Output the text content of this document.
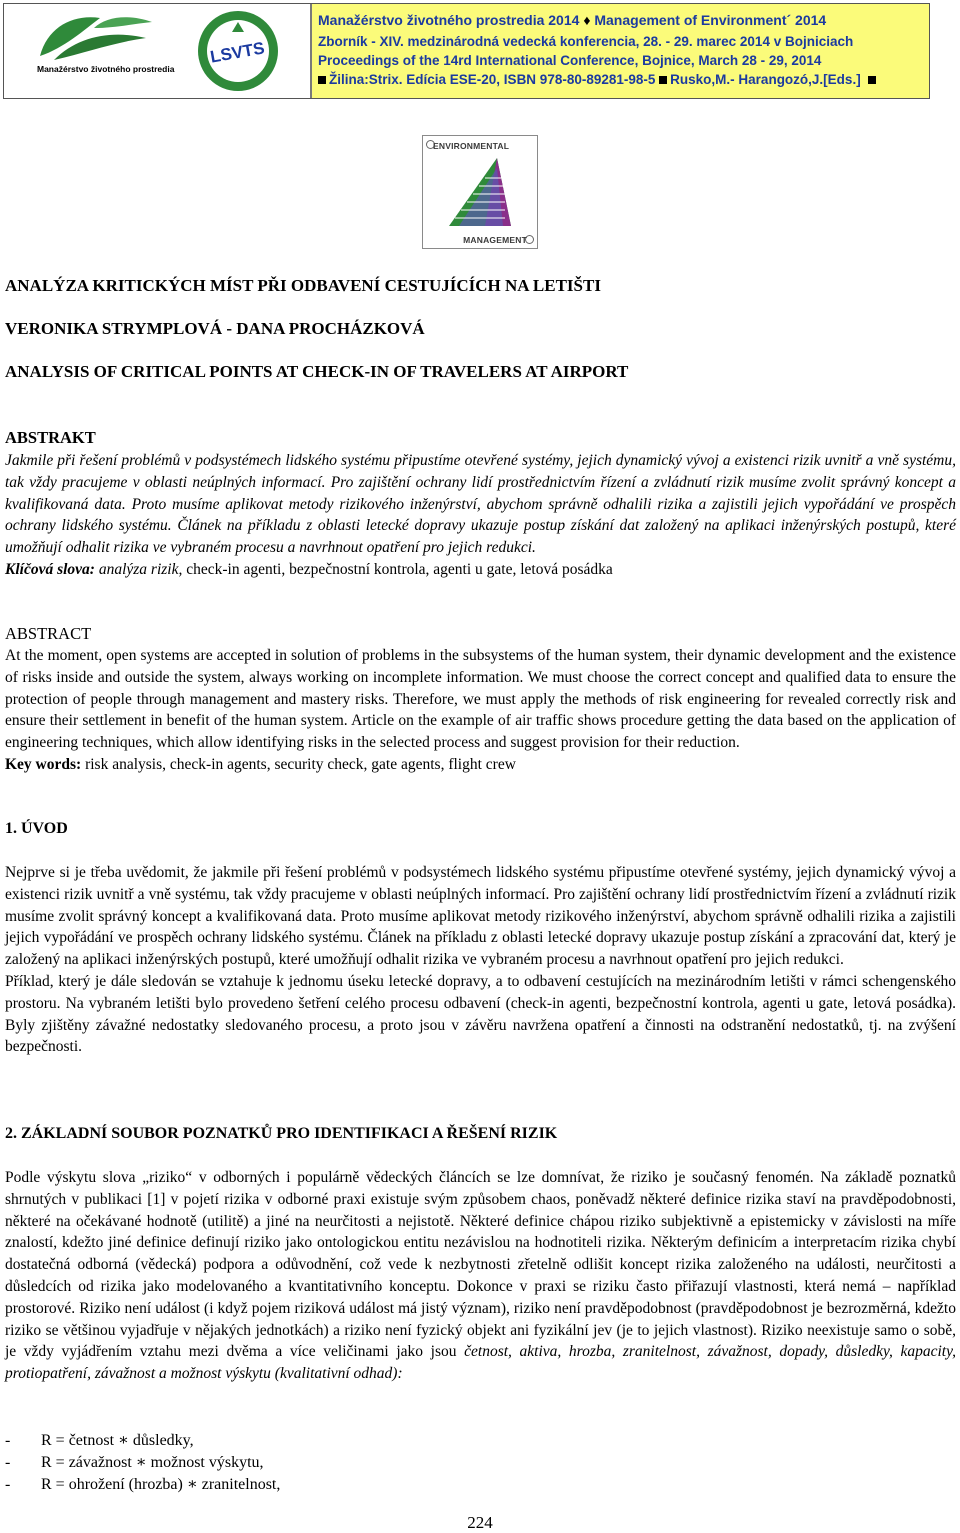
Manažérstvo životného prostredia
LSVTS
Manažérstvo životného prostredia 2014 ♦ Management of Environment´ 2014
Zborník - XIV. medzinárodná vedecká konferencia, 28. - 29. marec 2014 v Bojniciach
Proceedings of the 14rd International Conference, Bojnice, March 28 - 29, 2014
Žilina:Strix. Edícia ESE-20, ISBN 978-80-89281-98-5 Rusko,M.- Harangozó,J.[Eds.]
ENVIRONMENTAL
MANAGEMENT
ANALÝZA KRITICKÝCH MÍST PŘI ODBAVENÍ CESTUJÍCÍCH NA LETIŠTI
VERONIKA STRYMPLOVÁ - DANA PROCHÁZKOVÁ
ANALYSIS OF CRITICAL POINTS AT CHECK-IN OF TRAVELERS AT AIRPORT
ABSTRAKT

Jakmile při řešení problémů v podsystémech lidského systému připustíme otevřené systémy, jejich dynamický vývoj a existenci rizik uvnitř a vně systému, tak vždy pracujeme v oblasti neúplných informací. Pro zajištění ochrany lidí prostřednictvím řízení a zvládnutí rizik musíme zvolit správný koncept a kvalifikovaná data. Proto musíme aplikovat metody rizikového inženýrství, abychom správně odhalili rizika a zajistili jejich vypořádání ve prospěch ochrany lidského systému. Článek na příkladu z oblasti letecké dopravy ukazuje postup získání dat založený na aplikaci inženýrských postupů, které umožňují odhalit rizika ve vybraném procesu a navrhnout opatření pro jejich redukci.

Klíčová slova: analýza rizik, check-in agenti, bezpečnostní kontrola, agenti u gate, letová posádka

ABSTRACT

At the moment, open systems are accepted in solution of problems in the subsystems of the human system, their dynamic development and the existence of risks inside and outside the system, always working on incomplete information. We must choose the correct concept and qualified data to ensure the protection of people through management and mastery risks. Therefore, we must apply the methods of risk engineering for revealed correctly risk and ensure their settlement in benefit of the human system. Article on the example of air traffic shows procedure getting the data based on the application of engineering techniques, which allow identifying risks in the selected process and suggest provision for their reduction.

Key words: risk analysis, check-in agents, security check, gate agents, flight crew

1. ÚVOD

Nejprve si je třeba uvědomit, že jakmile při řešení problémů v podsystémech lidského systému připustíme otevřené systémy, jejich dynamický vývoj a existenci rizik uvnitř a vně systému, tak vždy pracujeme v oblasti neúplných informací. Pro zajištění ochrany lidí prostřednictvím řízení a zvládnutí rizik musíme zvolit správný koncept a kvalifikovaná data. Proto musíme aplikovat metody rizikového inženýrství, abychom správně odhalili rizika a zajistili jejich vypořádání ve prospěch ochrany lidského systému. Článek na příkladu z oblasti letecké dopravy ukazuje postup získání a zpracování dat, který je založený na aplikaci inženýrských postupů, které umožňují odhalit rizika ve vybraném procesu a navrhnout opatření pro jejich redukci.

Příklad, který je dále sledován se vztahuje k jednomu úseku letecké dopravy, a to odbavení cestujících na mezinárodním letišti v rámci schengenského prostoru. Na vybraném letišti bylo provedeno šetření celého procesu odbavení (check-in agenti, bezpečnostní kontrola, agenti u gate, letová posádka). Byly zjištěny závažné nedostatky sledovaného procesu, a proto jsou v závěru navržena opatření a činnosti na odstranění nedostatků, tj. na zvýšení bezpečnosti.

2. ZÁKLADNÍ SOUBOR POZNATKŮ PRO IDENTIFIKACI A ŘEŠENÍ RIZIK

Podle výskytu slova „riziko“ v odborných i populárně vědeckých článcích se lze domnívat, že riziko je současný fenomén. Na základě poznatků shrnutých v publikaci [1] v pojetí rizika v odborné praxi existuje svým způsobem chaos, poněvadž některé definice rizika staví na pravděpodobnosti, některé na očekávané hodnotě (utilitě) a jiné na neurčitosti a nejistotě. Některé definice chápou riziko subjektivně a epistemicky v závislosti na míře znalostí, kdežto jiné definice definují riziko jako ontologickou entitu nezávislou na hodnotiteli rizika. Některým definicím a interpretacím rizika chybí dostatečná odborná (vědecká) podpora a odůvodnění, což vede k nezbytnosti zřetelně odlišit koncept rizika založeného na události, neurčitosti a důsledcích od rizika jako modelovaného a kvantitativního konceptu. Dokonce v praxi se riziku často přiřazují vlastnosti, která nemá – například prostorové. Riziko není událost (i když pojem riziková událost má jistý význam), riziko není pravděpodobnost (pravděpodobnost je bezrozměrná, kdežto riziko se většinou vyjadřuje v nějakých jednotkách) a riziko není fyzický objekt ani fyzikální jev (je to jejich vlastnost). Riziko neexistuje samo o sobě, je vždy vyjádřením vztahu mezi dvěma a více veličinami jako jsou četnost, aktiva, hrozba, zranitelnost, závažnost, dopady, důsledky, kapacity, protiopatření, závažnost a možnost výskytu (kvalitativní odhad):

- R = četnost ∗ důsledky,
- R = závažnost ∗ možnost výskytu,
- R = ohrožení (hrozba) ∗ zranitelnost,
224
